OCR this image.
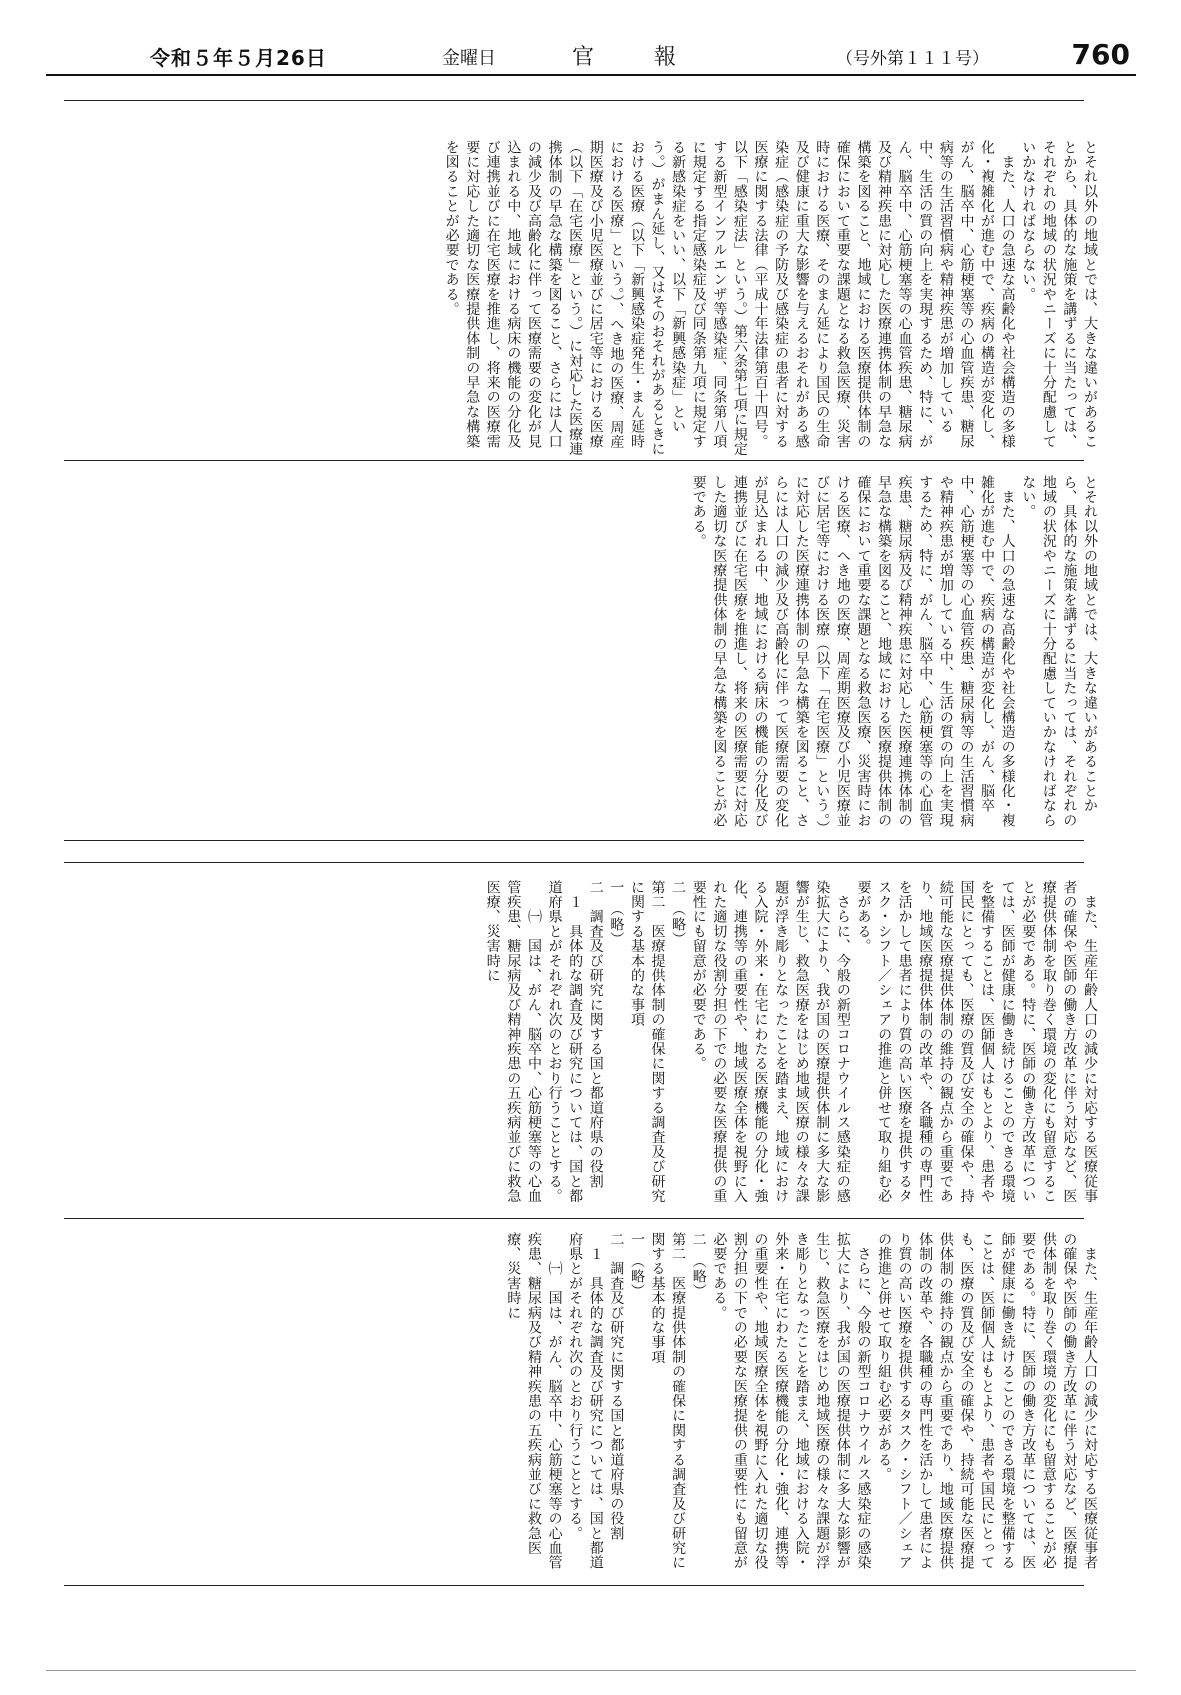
令和５年５月26日	金曜日	官報	（号外第１１１号）	760
とそれ以外の地域とでは、大きな違いがあることから、具体的な施策を講ずるに当たっては、それぞれの地域の状況やニーズに十分配慮していかなければならない。
　また、人口の急速な高齢化や社会構造の多様化・複雑化が進む中で、疾病の構造が変化し、がん、脳卒中、心筋梗塞等の心血管疾患、糖尿病等の生活習慣病や精神疾患が増加している中、生活の質の向上を実現するため、特に、がん、脳卒中、心筋梗塞等の心血管疾患、糖尿病及び精神疾患に対応した医療連携体制の早急な構築を図ること、地域における医療提供体制の確保において重要な課題となる救急医療、災害時における医療、そのまん延により国民の生命及び健康に重大な影響を与えるおそれがある感染症（感染症の予防及び感染症の患者に対する医療に関する法律（平成十年法律第百十四号。以下「感染症法」という。）第六条第七項に規定する新型インフルエンザ等感染症、同条第八項に規定する指定感染症及び同条第九項に規定する新感染症をいい、以下「新興感染症」という。）がまん延し、又はそのおそれがあるときにおける医療（以下「新興感染症発生・まん延時における医療」という。）、へき地の医療、周産期医療及び小児医療並びに居宅等における医療（以下「在宅医療」という。）に対応した医療連携体制の早急な構築を図ること、さらには人口の減少及び高齢化に伴って医療需要の変化が見込まれる中、地域における病床の機能の分化及び連携並びに在宅医療を推進し、将来の医療需要に対応した適切な医療提供体制の早急な構築を図ることが必要である。
とそれ以外の地域とでは、大きな違いがあることから、具体的な施策を講ずるに当たっては、それぞれの地域の状況やニーズに十分配慮していかなければならない。
　また、人口の急速な高齢化や社会構造の多様化・複雑化が進む中で、疾病の構造が変化し、がん、脳卒中、心筋梗塞等の心血管疾患、糖尿病等の生活習慣病や精神疾患が増加している中、生活の質の向上を実現するため、特に、がん、脳卒中、心筋梗塞等の心血管疾患、糖尿病及び精神疾患に対応した医療連携体制の早急な構築を図ること、地域における医療提供体制の確保において重要な課題となる救急医療、災害時における医療、へき地の医療、周産期医療及び小児医療並びに居宅等における医療（以下「在宅医療」という。）に対応した医療連携体制の早急な構築を図ること、さらには人口の減少及び高齢化に伴って医療需要の変化が見込まれる中、地域における病床の機能の分化及び連携並びに在宅医療を推進し、将来の医療需要に対応した適切な医療提供体制の早急な構築を図ることが必要である。
　また、生産年齢人口の減少に対応する医療従事者の確保や医師の働き方改革に伴う対応など、医療提供体制を取り巻く環境の変化にも留意することが必要である。特に、医師の働き方改革については、医師が健康に働き続けることのできる環境を整備することは、医師個人はもとより、患者や国民にとっても、医療の質及び安全の確保や、持続可能な医療提供体制の維持の観点から重要であり、地域医療提供体制の改革や、各職種の専門性を活かして患者により質の高い医療を提供するタスク・シフト／シェアの推進と併せて取り組む必要がある。
　さらに、今般の新型コロナウイルス感染症の感染拡大により、我が国の医療提供体制に多大な影響が生じ、救急医療をはじめ地域医療の様々な課題が浮き彫りとなったことを踏まえ、地域における入院・外来・在宅にわたる医療機能の分化・強化、連携等の重要性や、地域医療全体を視野に入れた適切な役割分担の下での必要な医療提供の重要性にも留意が必要である。
二　（略）
第二　医療提供体制の確保に関する調査及び研究に関する基本的な事項
一　（略）
二　調査及び研究に関する国と都道府県の役割
　１　具体的な調査及び研究については、国と都道府県とがそれぞれ次のとおり行うこととする。
　　㈠　国は、がん、脳卒中、心筋梗塞等の心血管疾患、糖尿病及び精神疾患の五疾病並びに救急医療、災害時に
　また、生産年齢人口の減少に対応する医療従事者の確保や医師の働き方改革に伴う対応など、医療提供体制を取り巻く環境の変化にも留意することが必要である。特に、医師の働き方改革については、医師が健康に働き続けることのできる環境を整備することは、医師個人はもとより、患者や国民にとっても、医療の質及び安全の確保や、持続可能な医療提供体制の維持の観点から重要であり、地域医療提供体制の改革や、各職種の専門性を活かして患者により質の高い医療を提供するタスク・シフト／シェアの推進と併せて取り組む必要がある。
　さらに、今般の新型コロナウイルス感染症の感染拡大により、我が国の医療提供体制に多大な影響が生じ、救急医療をはじめ地域医療の様々な課題が浮き彫りとなったことを踏まえ、地域における入院・外来・在宅にわたる医療機能の分化・強化、連携等の重要性や、地域医療全体を視野に入れた適切な役割分担の下での必要な医療提供の重要性にも留意が必要である。
二　（略）
第二　医療提供体制の確保に関する調査及び研究に関する基本的な事項
一　（略）
二　調査及び研究に関する国と都道府県の役割
　１　具体的な調査及び研究については、国と都道府県とがそれぞれ次のとおり行うこととする。
　　㈠　国は、がん、脳卒中、心筋梗塞等の心血管疾患、糖尿病及び精神疾患の五疾病並びに救急医療、災害時に
